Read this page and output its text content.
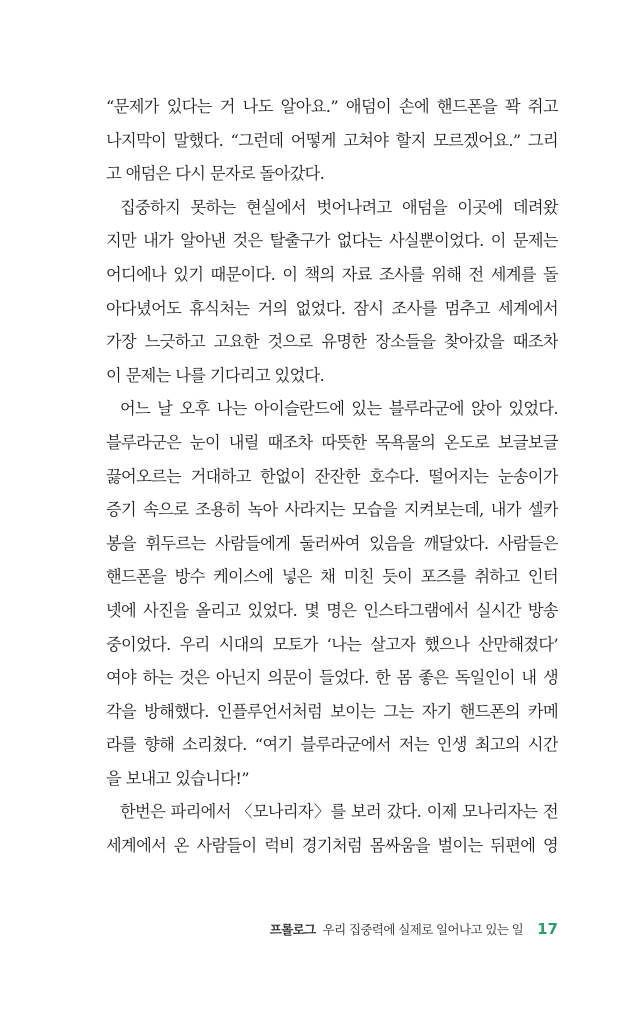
“문제가 있다는 거 나도 알아요.” 애덤이 손에 핸드폰을 꽉 쥐고
나지막이 말했다. “그런데 어떻게 고쳐야 할지 모르겠어요.” 그리
고 애덤은 다시 문자로 돌아갔다.
집중하지 못하는 현실에서 벗어나려고 애덤을 이곳에 데려왔
지만 내가 알아낸 것은 탈출구가 없다는 사실뿐이었다. 이 문제는
어디에나 있기 때문이다. 이 책의 자료 조사를 위해 전 세계를 돌
아다녔어도 휴식처는 거의 없었다. 잠시 조사를 멈추고 세계에서
가장 느긋하고 고요한 것으로 유명한 장소들을 찾아갔을 때조차
이 문제는 나를 기다리고 있었다.
어느 날 오후 나는 아이슬란드에 있는 블루라군에 앉아 있었다.
블루라군은 눈이 내릴 때조차 따뜻한 목욕물의 온도로 보글보글
끓어오르는 거대하고 한없이 잔잔한 호수다. 떨어지는 눈송이가
증기 속으로 조용히 녹아 사라지는 모습을 지켜보는데, 내가 셀카
봉을 휘두르는 사람들에게 둘러싸여 있음을 깨달았다. 사람들은
핸드폰을 방수 케이스에 넣은 채 미친 듯이 포즈를 취하고 인터
넷에 사진을 올리고 있었다. 몇 명은 인스타그램에서 실시간 방송
중이었다. 우리 시대의 모토가 ‘나는 살고자 했으나 산만해졌다’
여야 하는 것은 아닌지 의문이 들었다. 한 몸 좋은 독일인이 내 생
각을 방해했다. 인플루언서처럼 보이는 그는 자기 핸드폰의 카메
라를 향해 소리쳤다. “여기 블루라군에서 저는 인생 최고의 시간
을 보내고 있습니다!”
한번은 파리에서 〈모나리자〉를 보러 갔다. 이제 모나리자는 전
세계에서 온 사람들이 럭비 경기처럼 몸싸움을 벌이는 뒤편에 영
프롤로그 우리 집중력에 실제로 일어나고 있는 일 17
